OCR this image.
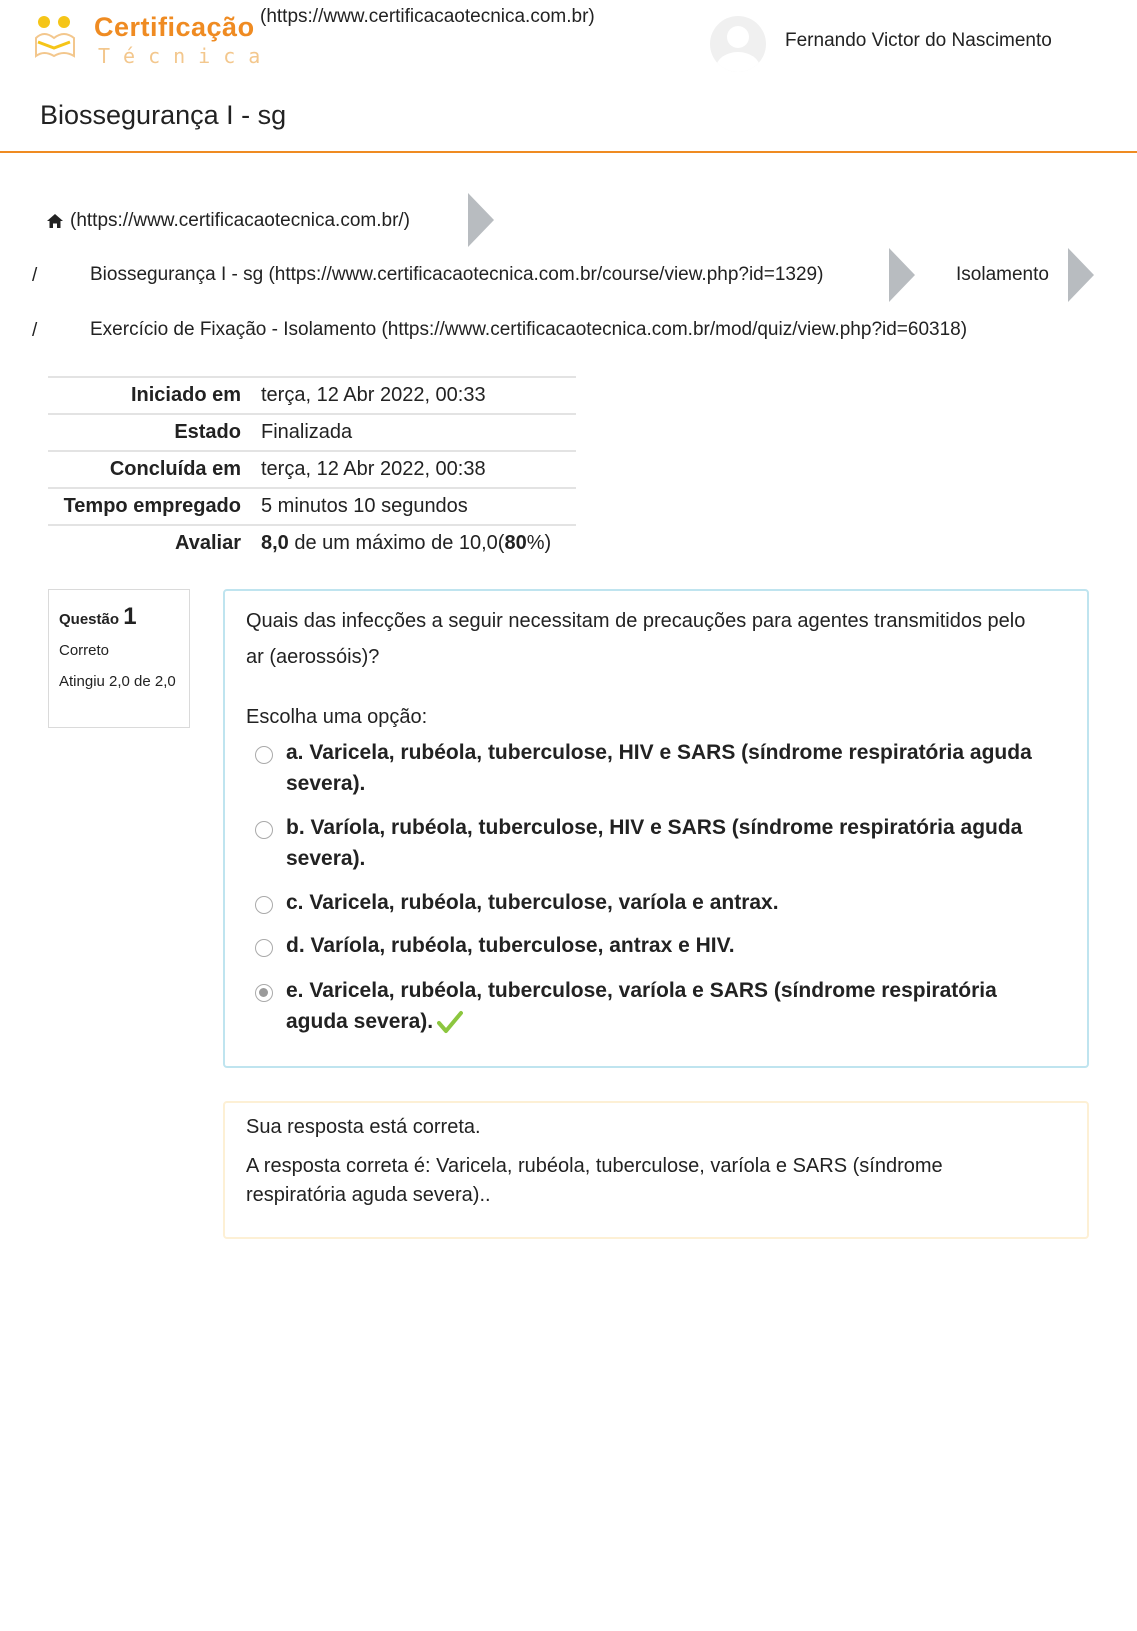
Certificação
Técnica
(https://www.certificacaotecnica.com.br)
Fernando Victor do Nascimento
Biossegurança I - sg
(https://www.certificacaotecnica.com.br/)
/	Biossegurança I - sg (https://www.certificacaotecnica.com.br/course/view.php?id=1329)	Isolamento
/	Exercício de Fixação - Isolamento (https://www.certificacaotecnica.com.br/mod/quiz/view.php?id=60318)
Iniciado em	terça, 12 Abr 2022, 00:33
Estado	Finalizada
Concluída em	terça, 12 Abr 2022, 00:38
Tempo empregado	5 minutos 10 segundos
Avaliar	8,0 de um máximo de 10,0(80%)
Questão 1
Correto
Atingiu 2,0 de 2,0
Quais das infecções a seguir necessitam de precauções para agentes transmitidos pelo ar (aerossóis)?
Escolha uma opção:
a. Varicela, rubéola, tuberculose, HIV e SARS (síndrome respiratória aguda severa).
b. Varíola, rubéola, tuberculose, HIV e SARS (síndrome respiratória aguda severa).
c. Varicela, rubéola, tuberculose, varíola e antrax.
d. Varíola, rubéola, tuberculose, antrax e HIV.
e. Varicela, rubéola, tuberculose, varíola e SARS (síndrome respiratória aguda severa).
Sua resposta está correta.
A resposta correta é: Varicela, rubéola, tuberculose, varíola e SARS (síndrome respiratória aguda severa)..
